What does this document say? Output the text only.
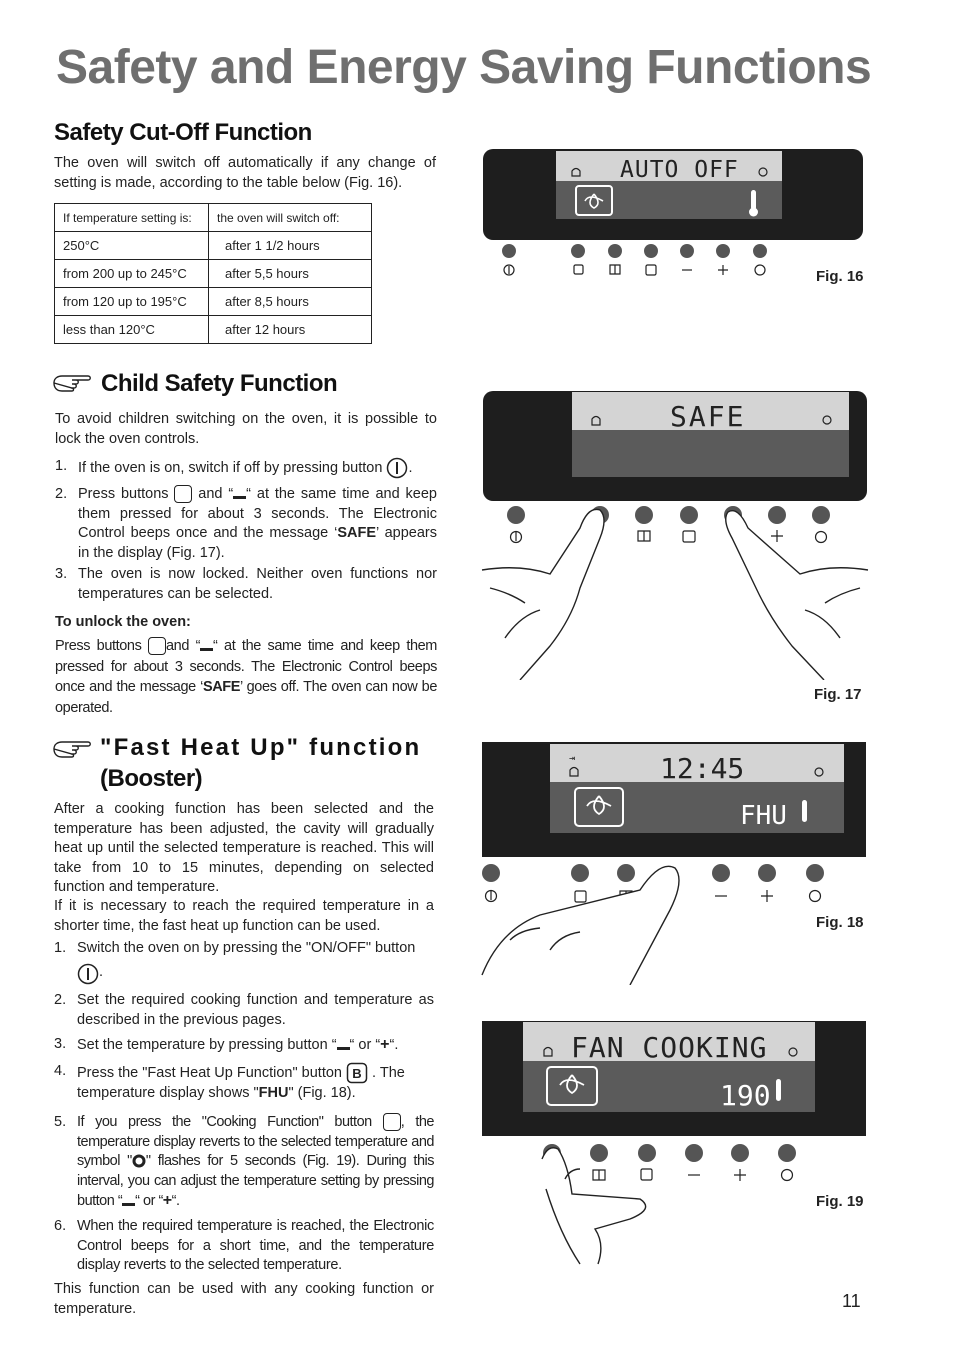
Safety and Energy Saving Functions
Safety Cut-Off Function

The oven will switch off automatically if any change of setting is made, according to the table below (Fig. 16).

If temperature setting is:	the oven will switch off:
250°C	after 1 1/2 hours
from 200 up to 245°C	after 5,5 hours
from 120 up to 195°C	after 8,5 hours
less than 120°C	after 12 hours
Child Safety Function

To avoid children switching on the oven, it is possible to lock the oven controls.

1. If the oven is on, switch if off by pressing button .
2. Press buttons and “ “ at the same time and keep them pressed for about 3 seconds. The Electronic Control beeps once and the message ‘SAFE’ appears in the display (Fig. 17).
3. The oven is now locked. Neither oven functions nor temperatures can be selected.

To unlock the oven:

Press buttons and “ “ at the same time and keep them pressed for about 3 seconds. The Electronic Control beeps once and the message ‘SAFE’ goes off. The oven can now be operated.

"Fast Heat Up" function
(Booster)

After a cooking function has been selected and the temperature has been adjusted, the cavity will gradually heat up until the selected temperature is reached. This will take from 10 to 15 minutes, depending on selected function and temperature.

If it is necessary to reach the required temperature in a shorter time, the fast heat up function can be used.

1. Switch the oven on by pressing the "ON/OFF" button
.
2. Set the required cooking function and temperature as described in the previous pages.
3. Set the temperature by pressing button “ “ or “+“.
4. Press the "Fast Heat Up Function" button B . The temperature display shows "FHU" (Fig. 18).
5. If you press the "Cooking Function" button , the temperature display reverts to the selected temperature and symbol " " flashes for 5 seconds (Fig. 19). During this interval, you can adjust the temperature setting by pressing button “ “ or “+“.
6. When the required temperature is reached, the Electronic Control beeps for a short time, and the temperature display reverts to the selected temperature.

This function can be used with any cooking function or temperature.

AUTO OFF
Fig. 16
SAFE
Fig. 17
⇥	12:45
FHU
Fig. 18
FAN COOKING
190
Fig. 19
11
